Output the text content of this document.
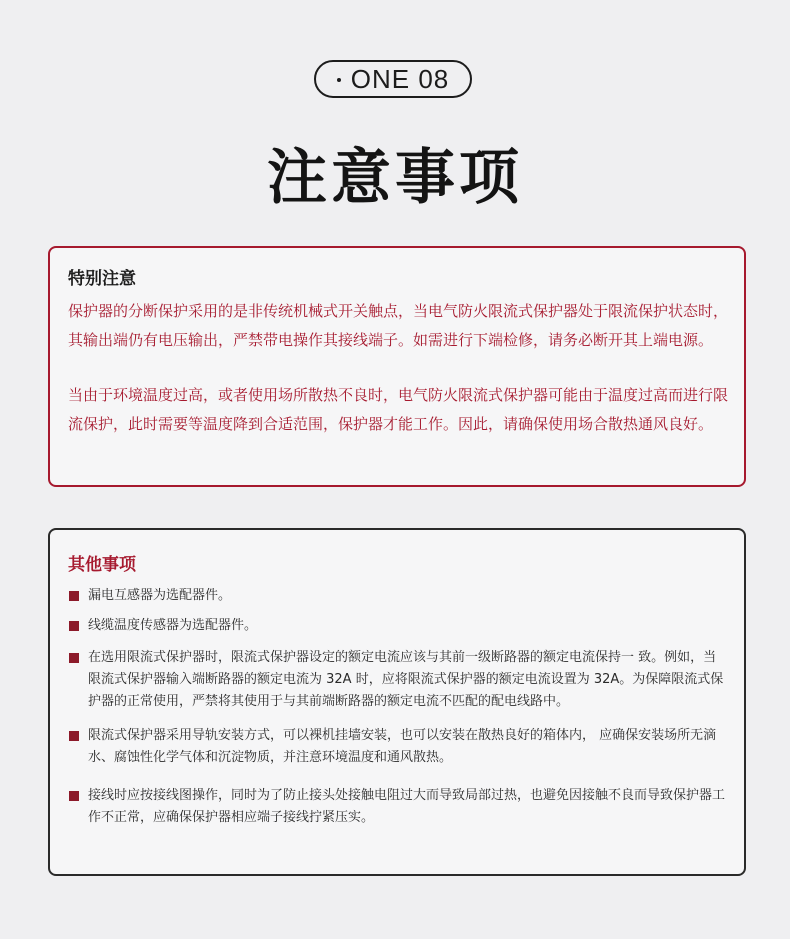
ONE 08
注意事项
特别注意
保护器的分断保护采用的是非传统机械式开关触点，当电气防火限流式保护器处于限流保护状态时，其输出端仍有电压输出，严禁带电操作其接线端子。如需进行下端检修，请务必断开其上端电源。
当由于环境温度过高，或者使用场所散热不良时，电气防火限流式保护器可能由于温度过高而进行限流保护，此时需要等温度降到合适范围，保护器才能工作。因此，请确保使用场合散热通风良好。
其他事项
漏电互感器为选配器件。
线缆温度传感器为选配器件。
在选用限流式保护器时，限流式保护器设定的额定电流应该与其前一级断路器的额定电流保持一 致。例如，当限流式保护器输入端断路器的额定电流为 32A 时，应将限流式保护器的额定电流设置为 32A。为保障限流式保护器的正常使用，严禁将其使用于与其前端断路器的额定电流不匹配的配电线路中。
限流式保护器采用导轨安装方式，可以裸机挂墙安装，也可以安装在散热良好的箱体内， 应确保安装场所无滴水、腐蚀性化学气体和沉淀物质，并注意环境温度和通风散热。
接线时应按接线图操作，同时为了防止接头处接触电阻过大而导致局部过热，也避免因接触不良而导致保护器工作不正常，应确保保护器相应端子接线拧紧压实。
